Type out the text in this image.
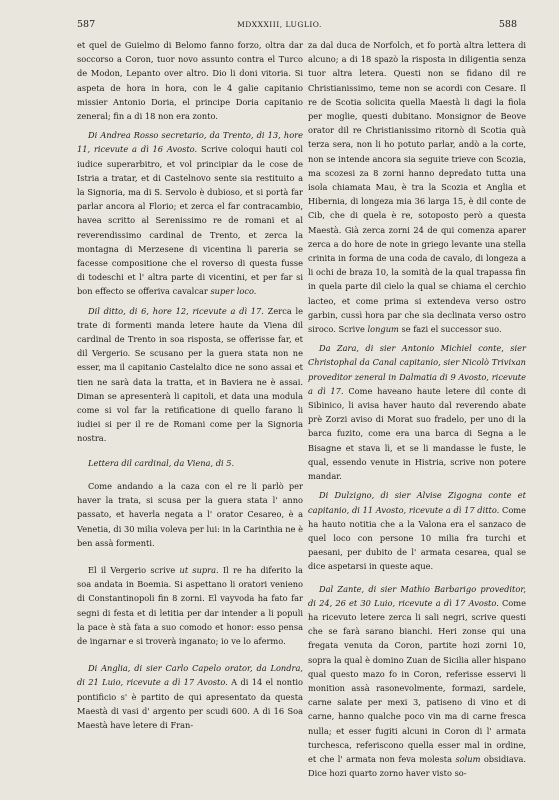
587	MDXXXIII, LUGLIO.	588

et quel de Guielmo di Belomo fanno forzo, oltra dar soccorso a Coron, tuor novo assunto contra el Turco de Modon, Lepanto over altro. Dio li doni vitoria. Si aspeta de hora in hora, con le 4 galie capitanio missier Antonio Doria, el principe Doria capitanio zeneral; fin a di 18 non era zonto.

Di Andrea Rosso secretario, da Trento, di 13, hore 11, ricevute a dì 16 Avosto. Scrive coloqui hauti col iudice superarbitro, et vol principiar da le cose de Istria a tratar, et di Castelnovo sente sia restituito a la Signoria, ma di S. Servolo è dubioso, et si portà far parlar ancora al Florio; et zerca el far contracambio, havea scritto al Serenissimo re de romani et al reverendissimo cardinal de Trento, et zerca la montagna di Merzesene di vicentina li pareria se facesse compositione che el roverso di questa fusse di todeschi et l' altra parte di vicentini, et per far si bon effecto se offeriva cavalcar super loco.

Dil ditto, di 6, hore 12, ricevute a dì 17. Zerca le trate di formenti manda letere haute da Viena dil cardinal de Trento in soa risposta, se offerisse far, et dil Vergerio. Se scusano per la guera stata non ne esser, ma il capitanio Castelalto dice ne sono assai et tien ne sarà data la tratta, et in Baviera ne è assai. Diman se apresenterà li capitoli, et data una modula come si vol far la retificatione di quello farano li iudiei si per il re de Romani come per la Signoria nostra.

Lettera dil cardinal, da Viena, di 5.

Come andando a la caza con el re li parlò per haver la trata, si scusa per la guera stata l' anno passato, et haverla negata a l' orator Cesareo, è a Venetia, di 30 milia voleva per lui: in la Carinthia ne è ben assà formenti.

El il Vergerio scrive ut supra. Il re ha diferito la soa andata in Boemia. Si aspettano li oratori venieno di Constantinopoli fin 8 zorni. El vayvoda ha fato far segni di festa et di letitia per dar intender a li populi la pace è stà fata a suo comodo et honor: esso pensa de ingarnar e si troverà inganato; io ve lo afermo.

Di Anglia, di sier Carlo Capelo orator, da Londra, di 21 Luio, ricevute a dì 17 Avosto. A di 14 el nontio pontificio s' è partito de qui apresentato da questa Maestà di vasi d' argento per scudi 600. A di 16 Soa Maestà have letere di Fran-

za dal duca de Norfolch, et fo portà altra lettera di alcuno; a di 18 spazò la risposta in diligentia senza tuor altra letera. Questi non se fidano dil re Christianissimo, teme non se acordi con Cesare. Il re de Scotia solicita quella Maestà li dagi la fiola per moglie, questi dubitano. Monsignor de Beove orator dil re Christianissimo ritornò di Scotia quà terza sera, non li ho potuto parlar, andò a la corte, non se intende ancora sia seguite trieve con Scozia, ma scozesi za 8 zorni hanno depredato tutta una isola chiamata Mau, è tra la Scozia et Anglia et Hibernia, di longeza mia 36 larga 15, è dil conte de Cib, che di quela è re, sotoposto però a questa Maestà. Già zerca zorni 24 de qui comenza aparer zerca a do hore de note in griego levante una stella crinita in forma de una coda de cavalo, di longeza a li ochi de braza 10, la somità de la qual trapassa fin in quela parte dil cielo la qual se chiama el cerchio lacteo, et come prima si extendeva verso ostro garbin, cussì hora par che sia declinata verso ostro siroco. Scrive longum se fazi el successor suo.

Da Zara, di sier Antonio Michiel conte, sier Christophal da Canal capitanio, sier Nicolò Trivixan proveditor zeneral in Dalmatia di 9 Avosto, ricevute a dì 17. Come haveano haute letere dil conte di Sibinico, li avisa haver hauto dal reverendo abate prè Zorzi aviso di Morat suo fradelo, per uno di la barca fuzito, come era una barca di Segna a le Bisagne et stava lì, et se li mandasse le fuste, le qual, essendo venute in Histria, scrive non potere mandar.

Di Dulzigno, di sier Alvise Zigogna conte et capitanio, di 11 Avosto, ricevute a dì 17 ditto. Come ha hauto notitia che a la Valona era el sanzaco de quel loco con persone 10 milia fra turchi et paesani, per dubito de l' armata cesarea, qual se dice aspetarsi in queste aque.

Dal Zante, di sier Mathio Barbarigo proveditor, di 24, 26 et 30 Luio, ricevute a dì 17 Avosto. Come ha ricevuto letere zerca li sali negri, scrive questi che se farà sarano bianchi. Heri zonse qui una fregata venuta da Coron, partite hozi zorni 10, sopra la qual è domino Zuan de Sicilia aller hispano qual questo mazo fo in Coron, referisse esservi li monition assà rasonevolmente, formazi, sardele, carne salate per mexi 3, patiseno di vino et di carne, hanno qualche poco vin ma di carne fresca nulla; et esser fugiti alcuni in Coron di l' armata turchesca, referiscono quella esser mal in ordine, et che l' armata non feva molesta solum obsidiava. Dice hozi quarto zorno haver visto so-
